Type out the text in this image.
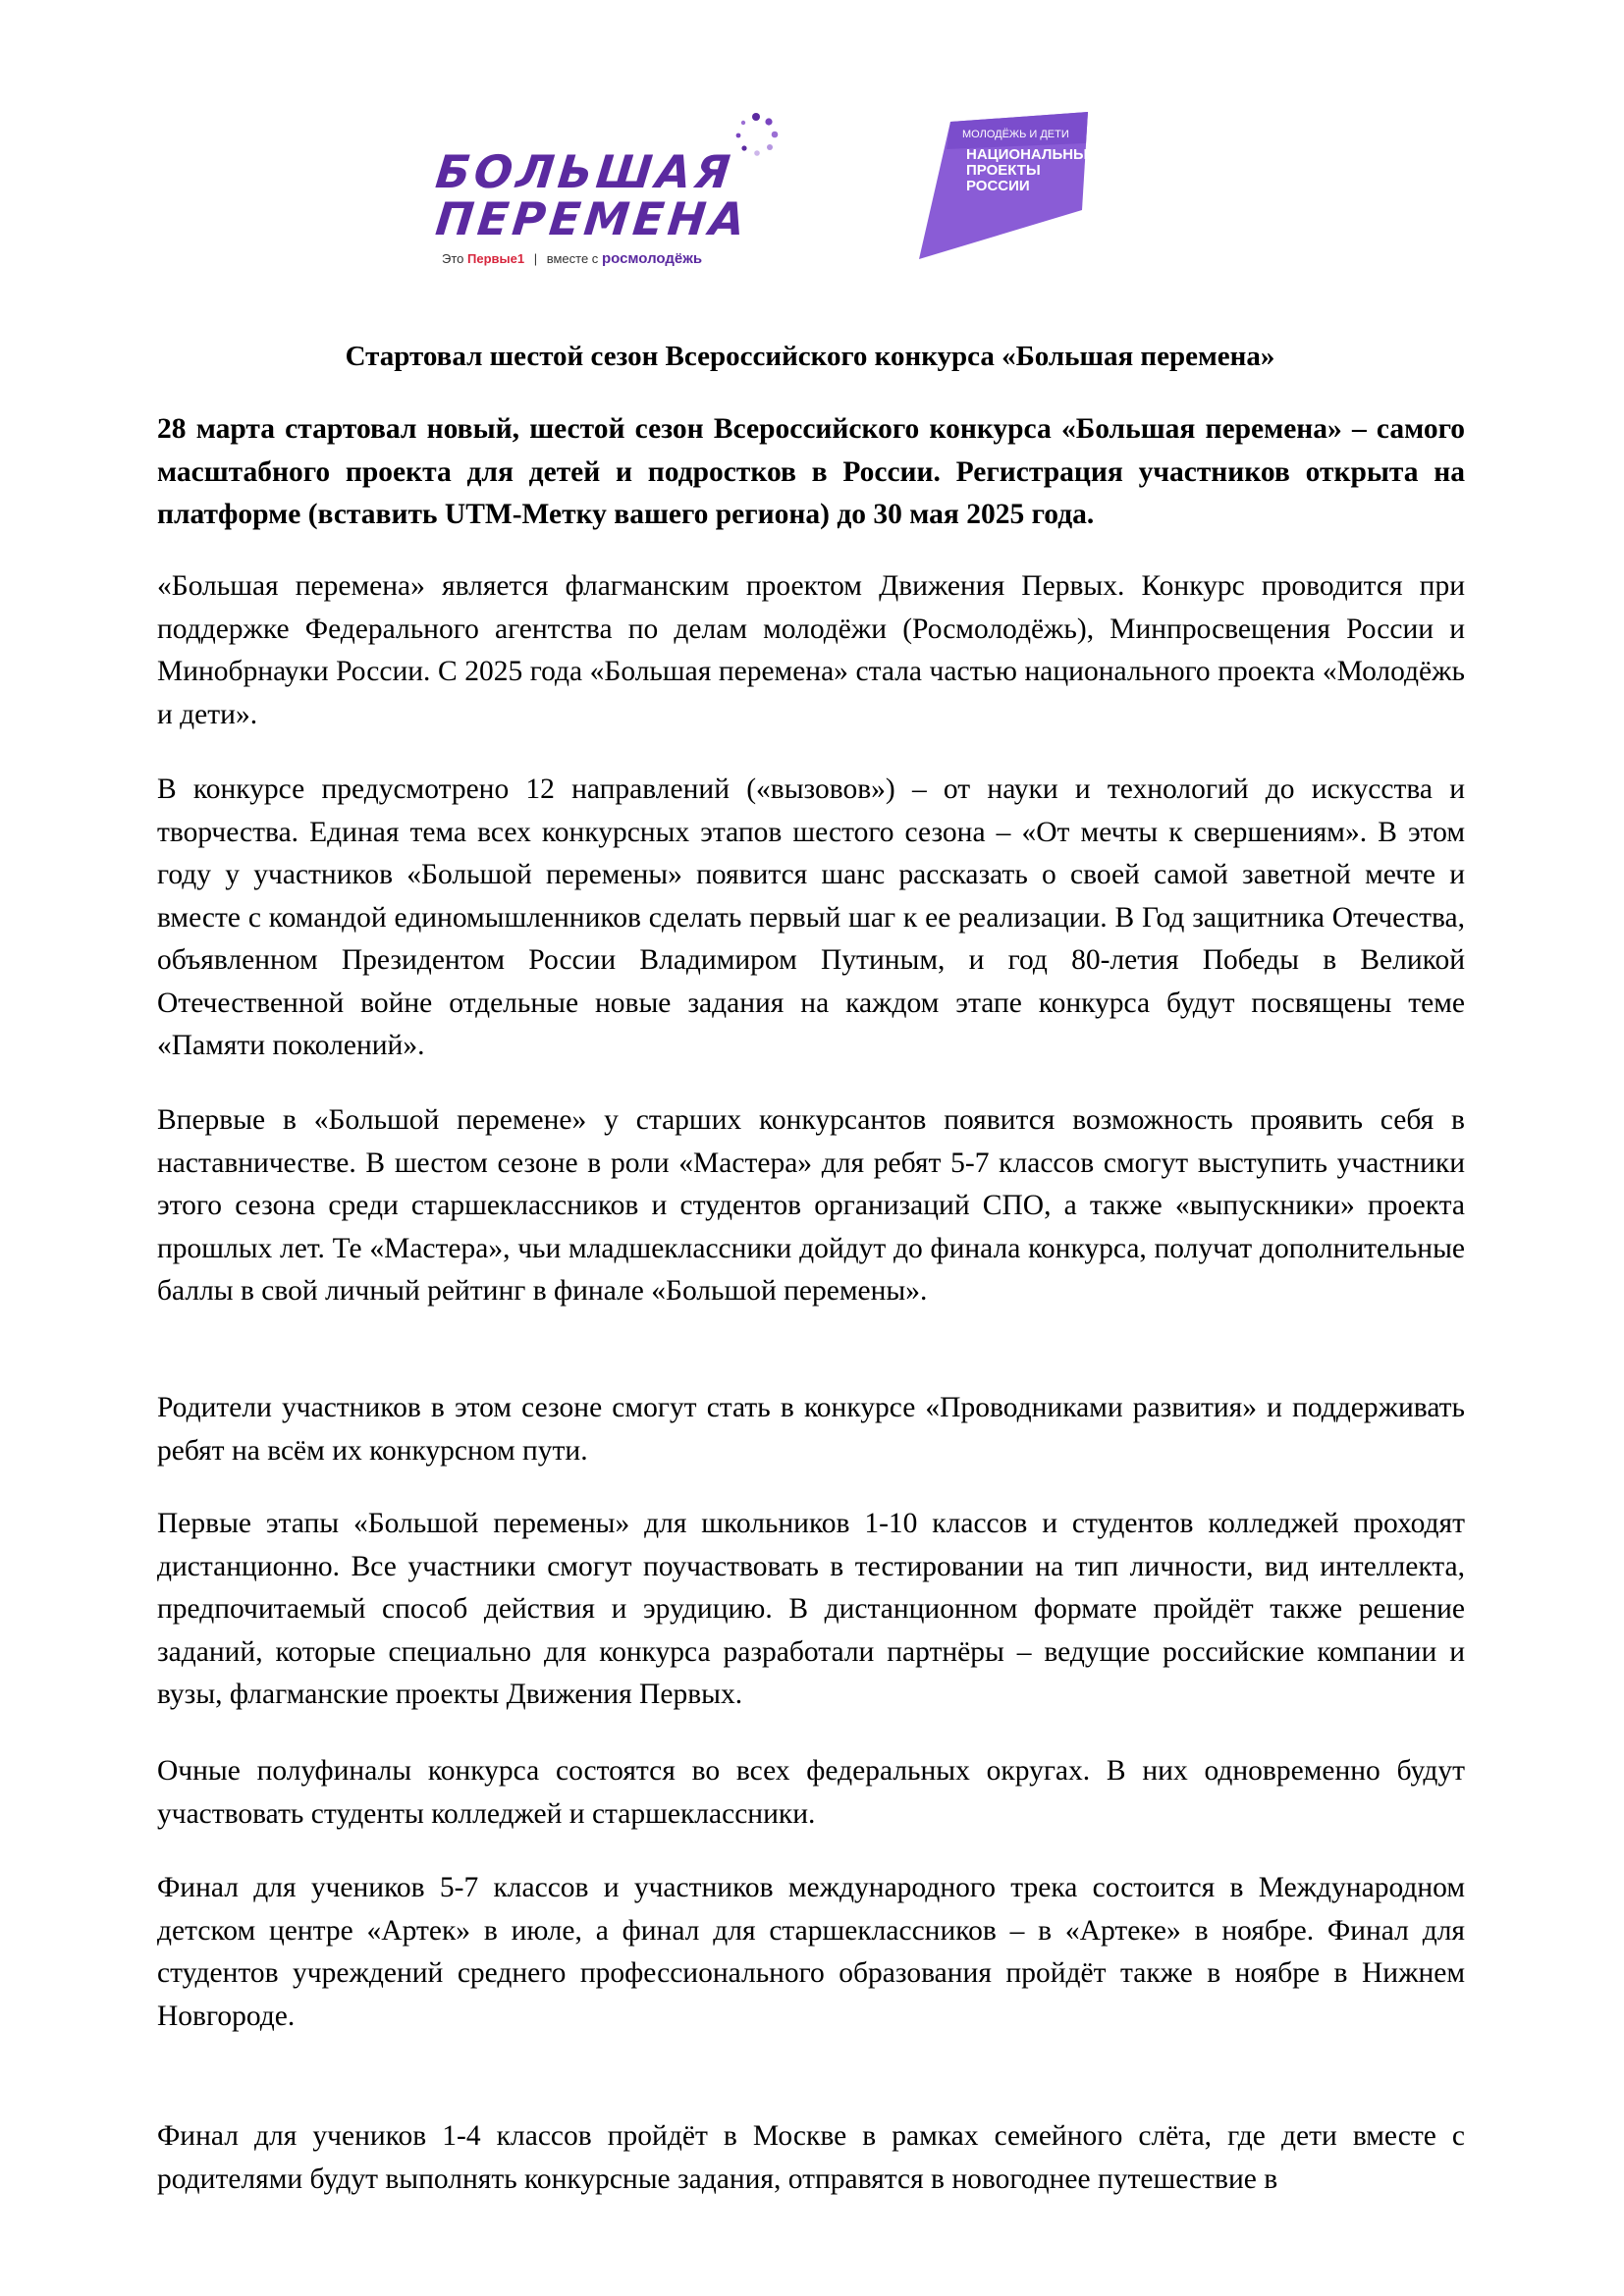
БОЛЬШАЯ
ПЕРЕМЕНА
Это Первые1 | вместе с росмолодёжь
МОЛОДЁЖЬ И ДЕТИ
НАЦИОНАЛЬНЫЕ
ПРОЕКТЫ
РОССИИ
Стартовал шестой сезон Всероссийского конкурса «Большая перемена»

28 марта стартовал новый, шестой сезон Всероссийского конкурса «Большая перемена» – самого масштабного проекта для детей и подростков в России. Регистрация участников открыта на платформе (вставить UTM-Метку вашего региона) до 30 мая 2025 года.

«Большая перемена» является флагманским проектом Движения Первых. Конкурс проводится при поддержке Федерального агентства по делам молодёжи (Росмолодёжь), Минпросвещения России и Минобрнауки России. С 2025 года «Большая перемена» стала частью национального проекта «Молодёжь и дети».

В конкурсе предусмотрено 12 направлений («вызовов») – от науки и технологий до искусства и творчества. Единая тема всех конкурсных этапов шестого сезона – «От мечты к свершениям». В этом году у участников «Большой перемены» появится шанс рассказать о своей самой заветной мечте и вместе с командой единомышленников сделать первый шаг к ее реализации. В Год защитника Отечества, объявленном Президентом России Владимиром Путиным, и год 80-летия Победы в Великой Отечественной войне отдельные новые задания на каждом этапе конкурса будут посвящены теме «Памяти поколений».

Впервые в «Большой перемене» у старших конкурсантов появится возможность проявить себя в наставничестве. В шестом сезоне в роли «Мастера» для ребят 5-7 классов смогут выступить участники этого сезона среди старшеклассников и студентов организаций СПО, а также «выпускники» проекта прошлых лет. Те «Мастера», чьи младшеклассники дойдут до финала конкурса, получат дополнительные баллы в свой личный рейтинг в финале «Большой перемены».

Родители участников в этом сезоне смогут стать в конкурсе «Проводниками развития» и поддерживать ребят на всём их конкурсном пути.

Первые этапы «Большой перемены» для школьников 1-10 классов и студентов колледжей проходят дистанционно. Все участники смогут поучаствовать в тестировании на тип личности, вид интеллекта, предпочитаемый способ действия и эрудицию. В дистанционном формате пройдёт также решение заданий, которые специально для конкурса разработали партнёры – ведущие российские компании и вузы, флагманские проекты Движения Первых.

Очные полуфиналы конкурса состоятся во всех федеральных округах. В них одновременно будут участвовать студенты колледжей и старшеклассники.

Финал для учеников 5-7 классов и участников международного трека состоится в Международном детском центре «Артек» в июле, а финал для старшеклассников – в «Артеке» в ноябре. Финал для студентов учреждений среднего профессионального образования пройдёт также в ноябре в Нижнем Новгороде.

Финал для учеников 1-4 классов пройдёт в Москве в рамках семейного слёта, где дети вместе с родителями будут выполнять конкурсные задания, отправятся в новогоднее путешествие в
